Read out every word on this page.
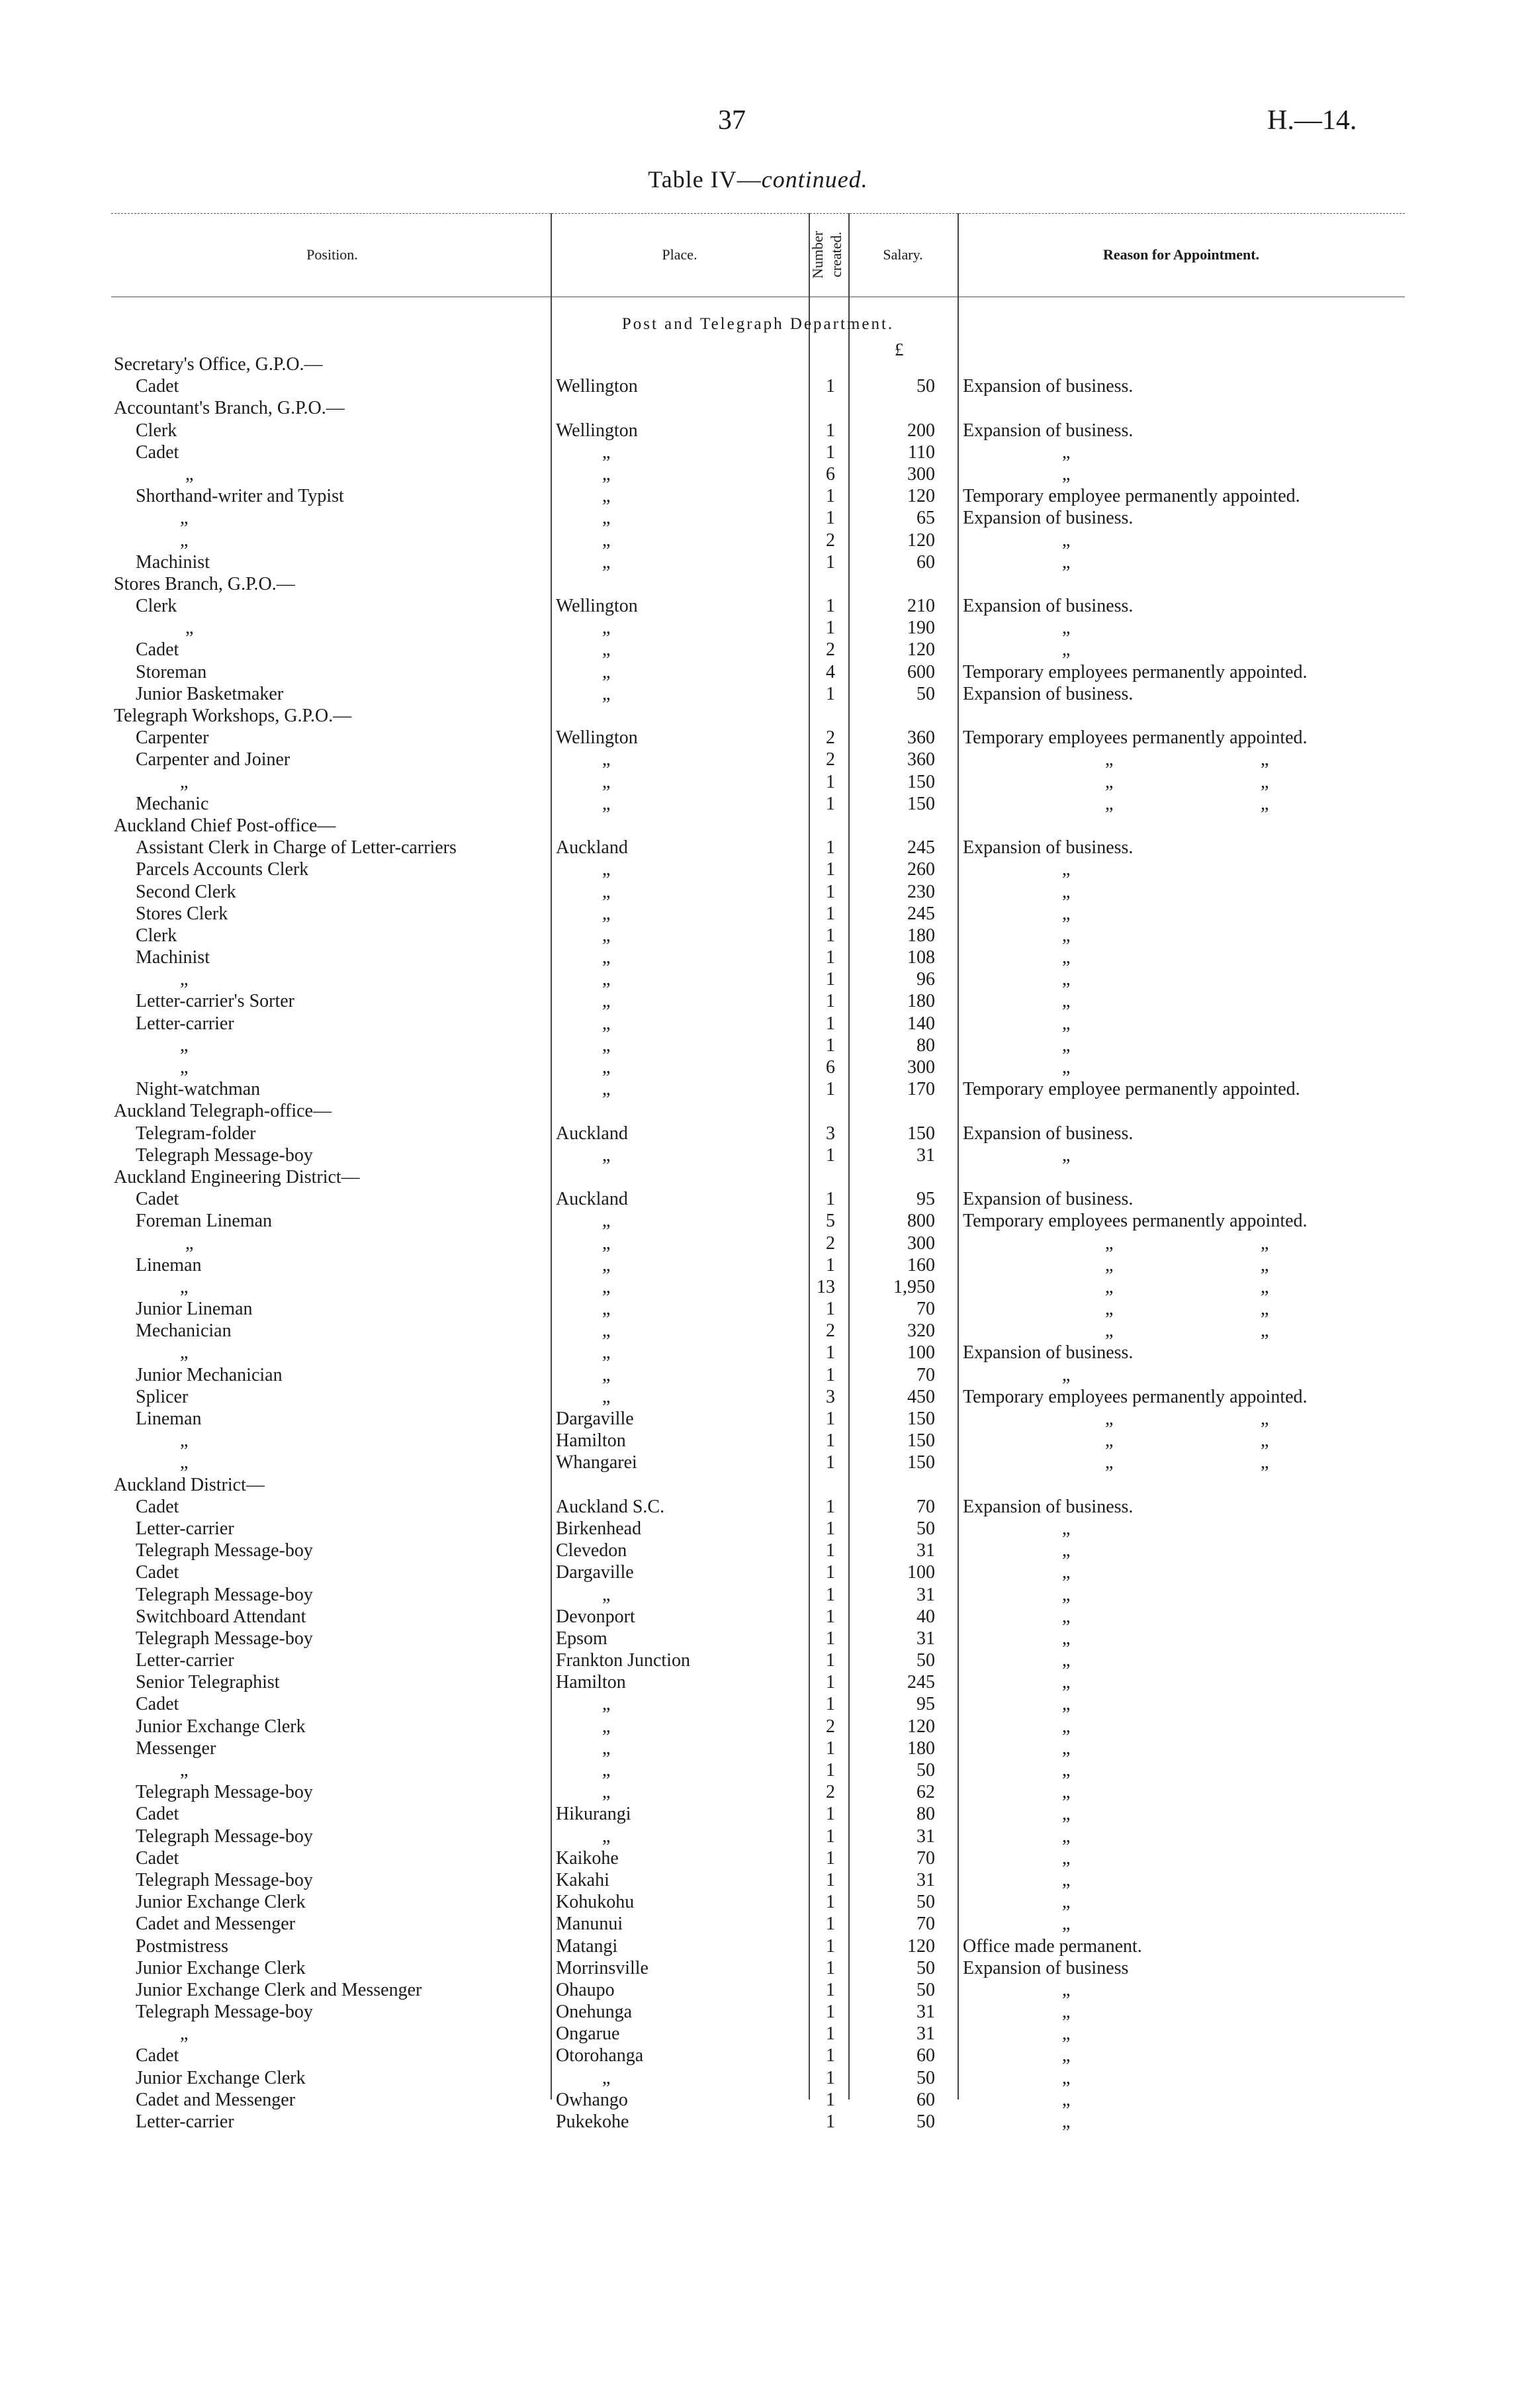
37	H.—14.
Table IV—continued.
Position.	Place.	Number created.	Salary.	Reason for Appointment.
Post and Telegraph Department.
£
Secretary's Office, G.P.O.—
Cadet	Wellington	1	50 Expansion of business.
Accountant's Branch, G.P.O.—
Clerk	Wellington	1	200 Expansion of business.
Cadet	„	1	110	„
„	„	6	300	„
Shorthand-writer and Typist	„	1	120 Temporary employee permanently appointed.
„	„	1	65 Expansion of business.
„	„	2	120	„
Machinist	„	1	60	„
Stores Branch, G.P.O.—
Clerk	Wellington	1	210 Expansion of business.
„	„	1	190	„
Cadet	„	2	120	„
Storeman	„	4	600 Temporary employees permanently appointed.
Junior Basketmaker	„	1	50 Expansion of business.
Telegraph Workshops, G.P.O.—
Carpenter	Wellington	2	360 Temporary employees permanently appointed.
Carpenter and Joiner	„	2	360	„	„
„	„	1	150	„	„
Mechanic	„	1	150	„	„
Auckland Chief Post-office—
Assistant Clerk in Charge of Letter-carriers	Auckland	1	245 Expansion of business.
Parcels Accounts Clerk	„	1	260	„
Second Clerk	„	1	230	„
Stores Clerk	„	1	245	„
Clerk	„	1	180	„
Machinist	„	1	108	„
„	„	1	96	„
Letter-carrier's Sorter	„	1	180	„
Letter-carrier	„	1	140	„
„	„	1	80	„
„	„	6	300	„
Night-watchman	„	1	170 Temporary employee permanently appointed.
Auckland Telegraph-office—
Telegram-folder	Auckland	3	150 Expansion of business.
Telegraph Message-boy	„	1	31	„
Auckland Engineering District—
Cadet	Auckland	1	95 Expansion of business.
Foreman Lineman	„	5	800 Temporary employees permanently appointed.
„	„	2	300	„	„
Lineman	„	1	160	„	„
„	„	13	1,950	„	„
Junior Lineman	„	1	70	„	„
Mechanician	„	2	320	„	„
„	„	1	100 Expansion of business.
Junior Mechanician	„	1	70	„
Splicer	„	3	450 Temporary employees permanently appointed.
Lineman	Dargaville	1	150	„	„
„	Hamilton	1	150	„	„
„	Whangarei	1	150	„	„
Auckland District—
Cadet	Auckland S.C.	1	70 Expansion of business.
Letter-carrier	Birkenhead	1	50	„
Telegraph Message-boy	Clevedon	1	31	„
Cadet	Dargaville	1	100	„
Telegraph Message-boy	„	1	31	„
Switchboard Attendant	Devonport	1	40	„
Telegraph Message-boy	Epsom	1	31	„
Letter-carrier	Frankton Junction	1	50	„
Senior Telegraphist	Hamilton	1	245	„
Cadet	„	1	95	„
Junior Exchange Clerk	„	2	120	„
Messenger	„	1	180	„
„	„	1	50	„
Telegraph Message-boy	„	2	62	„
Cadet	Hikurangi	1	80	„
Telegraph Message-boy	„	1	31	„
Cadet	Kaikohe	1	70	„
Telegraph Message-boy	Kakahi	1	31	„
Junior Exchange Clerk	Kohukohu	1	50	„
Cadet and Messenger	Manunui	1	70	„
Postmistress	Matangi	1	120 Office made permanent.
Junior Exchange Clerk	Morrinsville	1	50 Expansion of business
Junior Exchange Clerk and Messenger	Ohaupo	1	50	„
Telegraph Message-boy	Onehunga	1	31	„
„	Ongarue	1	31	„
Cadet	Otorohanga	1	60	„
Junior Exchange Clerk	„	1	50	„
Cadet and Messenger	Owhango	1	60	„
Letter-carrier	Pukekohe	1	50	„
